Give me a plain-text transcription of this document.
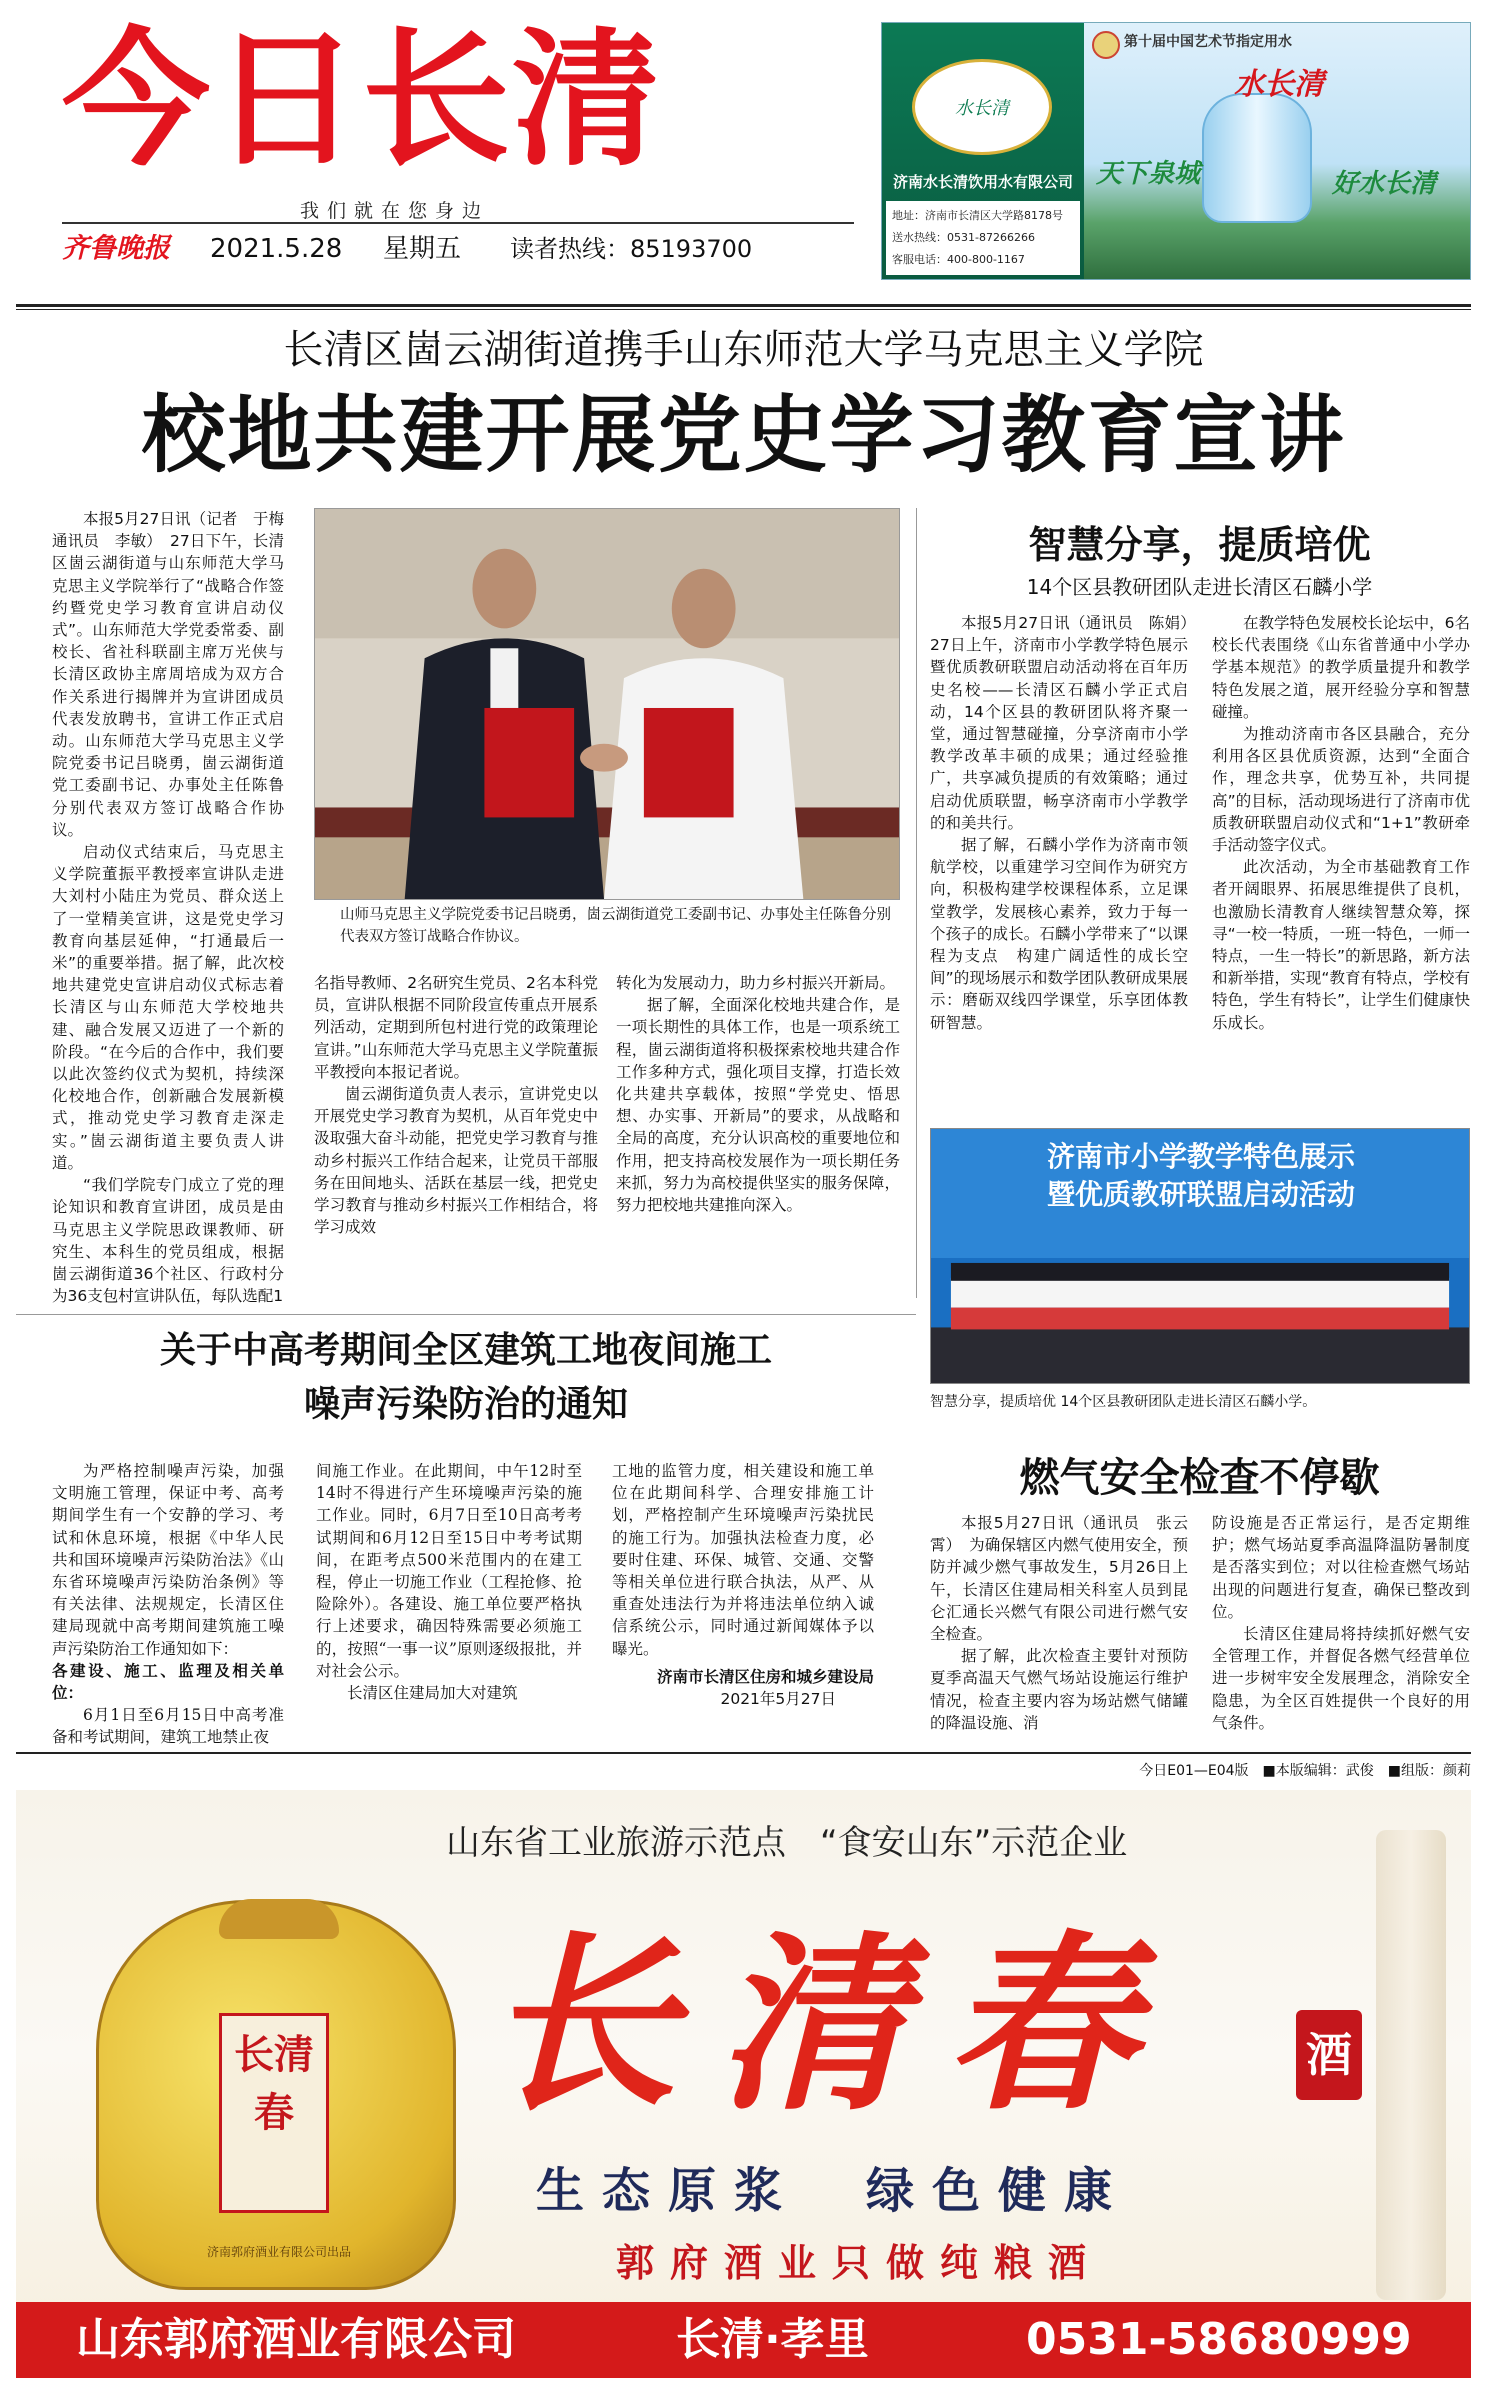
今日长清
我们就在您身边
齐鲁晚报	2021.5.28 星期五 读者热线：85193700
水长清
济南水长清饮用水有限公司
地址：济南市长清区大学路8178号
送水热线：0531-87266266
客服电话：400-800-1167
第十届中国艺术节指定用水
水长清
天下泉城	好水长清
长清区崮云湖街道携手山东师范大学马克思主义学院
校地共建开展党史学习教育宣讲

本报5月27日讯（记者　于梅　通讯员　李敏）　27日下午，长清区崮云湖街道与山东师范大学马克思主义学院举行了“战略合作签约暨党史学习教育宣讲启动仪式”。山东师范大学党委常委、副校长、省社科联副主席万光侠与长清区政协主席周培成为双方合作关系进行揭牌并为宣讲团成员代表发放聘书，宣讲工作正式启动。山东师范大学马克思主义学院党委书记吕晓勇，崮云湖街道党工委副书记、办事处主任陈鲁分别代表双方签订战略合作协议。

启动仪式结束后，马克思主义学院董振平教授率宣讲队走进大刘村小陆庄为党员、群众送上了一堂精美宣讲，这是党史学习教育向基层延伸，“打通最后一米”的重要举措。据了解，此次校地共建党史宣讲启动仪式标志着长清区与山东师范大学校地共建、融合发展又迈进了一个新的阶段。“在今后的合作中，我们要以此次签约仪式为契机，持续深化校地合作，创新融合发展新模式，推动党史学习教育走深走实。”崮云湖街道主要负责人讲道。

“我们学院专门成立了党的理论知识和教育宣讲团，成员是由马克思主义学院思政课教师、研究生、本科生的党员组成，根据崮云湖街道36个社区、行政村分为36支包村宣讲队伍，每队选配1

山师马克思主义学院党委书记吕晓勇，崮云湖街道党工委副书记、办事处主任陈鲁分别代表双方签订战略合作协议。

名指导教师、2名研究生党员、2名本科党员，宣讲队根据不同阶段宣传重点开展系列活动，定期到所包村进行党的政策理论宣讲。”山东师范大学马克思主义学院董振平教授向本报记者说。

崮云湖街道负责人表示，宣讲党史以开展党史学习教育为契机，从百年党史中汲取强大奋斗动能，把党史学习教育与推动乡村振兴工作结合起来，让党员干部服务在田间地头、活跃在基层一线，把党史学习教育与推动乡村振兴工作相结合，将学习成效

转化为发展动力，助力乡村振兴开新局。

据了解，全面深化校地共建合作，是一项长期性的具体工作，也是一项系统工程，崮云湖街道将积极探索校地共建合作工作多种方式，强化项目支撑，打造长效化共建共享载体，按照“学党史、悟思想、办实事、开新局”的要求，从战略和全局的高度，充分认识高校的重要地位和作用，把支持高校发展作为一项长期任务来抓，努力为高校提供坚实的服务保障，努力把校地共建推向深入。

智慧分享，提质培优
14个区县教研团队走进长清区石麟小学

本报5月27日讯（通讯员　陈娟）　27日上午，济南市小学教学特色展示暨优质教研联盟启动活动将在百年历史名校——长清区石麟小学正式启动，14个区县的教研团队将齐聚一堂，通过智慧碰撞，分享济南市小学教学改革丰硕的成果；通过经验推广，共享减负提质的有效策略；通过启动优质联盟，畅享济南市小学教学的和美共行。

据了解，石麟小学作为济南市领航学校，以重建学习空间作为研究方向，积极构建学校课程体系，立足课堂教学，发展核心素养，致力于每一个孩子的成长。石麟小学带来了“以课程为支点　构建广阔适性的成长空间”的现场展示和数学团队教研成果展示：磨砺双线四学课堂，乐享团体教研智慧。

在教学特色发展校长论坛中，6名校长代表围绕《山东省普通中小学办学基本规范》的教学质量提升和教学特色发展之道，展开经验分享和智慧碰撞。

为推动济南市各区县融合，充分利用各区县优质资源，达到“全面合作，理念共享，优势互补，共同提高”的目标，活动现场进行了济南市优质教研联盟启动仪式和“1+1”教研牵手活动签字仪式。

此次活动，为全市基础教育工作者开阔眼界、拓展思维提供了良机，也激励长清教育人继续智慧众筹，探寻“一校一特质，一班一特色，一师一特点，一生一特长”的新思路，新方法和新举措，实现“教育有特点，学校有特色，学生有特长”，让学生们健康快乐成长。

济南市小学教学特色展示
暨优质教研联盟启动活动
智慧分享，提质培优 14个区县教研团队走进长清区石麟小学。
关于中高考期间全区建筑工地夜间施工
噪声污染防治的通知

为严格控制噪声污染，加强文明施工管理，保证中考、高考期间学生有一个安静的学习、考试和休息环境，根据《中华人民共和国环境噪声污染防治法》《山东省环境噪声污染防治条例》等有关法律、法规规定，长清区住建局现就中高考期间建筑施工噪声污染防治工作通知如下：

各建设、施工、监理及相关单位：

6月1日至6月15日中高考准备和考试期间，建筑工地禁止夜

间施工作业。在此期间，中午12时至14时不得进行产生环境噪声污染的施工作业。同时，6月7日至10日高考考试期间和6月12日至15日中考考试期间，在距考点500米范围内的在建工程，停止一切施工作业（工程抢修、抢险除外）。各建设、施工单位要严格执行上述要求，确因特殊需要必须施工的，按照“一事一议”原则逐级报批，并对社会公示。

长清区住建局加大对建筑

工地的监管力度，相关建设和施工单位在此期间科学、合理安排施工计划，严格控制产生环境噪声污染扰民的施工行为。加强执法检查力度，必要时住建、环保、城管、交通、交警等相关单位进行联合执法，从严、从重查处违法行为并将违法单位纳入诚信系统公示，同时通过新闻媒体予以曝光。

济南市长清区住房和城乡建设局
2021年5月27日
燃气安全检查不停歇

本报5月27日讯（通讯员　张云霄）　为确保辖区内燃气使用安全，预防并减少燃气事故发生，5月26日上午，长清区住建局相关科室人员到昆仑汇通长兴燃气有限公司进行燃气安全检查。

据了解，此次检查主要针对预防夏季高温天气燃气场站设施运行维护情况，检查主要内容为场站燃气储罐的降温设施、消

防设施是否正常运行，是否定期维护；燃气场站夏季高温降温防暑制度是否落实到位；对以往检查燃气场站出现的问题进行复查，确保已整改到位。

长清区住建局将持续抓好燃气安全管理工作，并督促各燃气经营单位进一步树牢安全发展理念，消除安全隐患，为全区百姓提供一个良好的用气条件。

今日E01—E04版　■本版编辑：武俊　■组版：颜莉
山东省工业旅游示范点　“食安山东”示范企业
长清春
济南郭府酒业有限公司出品
长清春	酒
生态原浆　绿色健康
郭府酒业只做纯粮酒
山东郭府酒业有限公司	长清·孝里	0531-58680999
